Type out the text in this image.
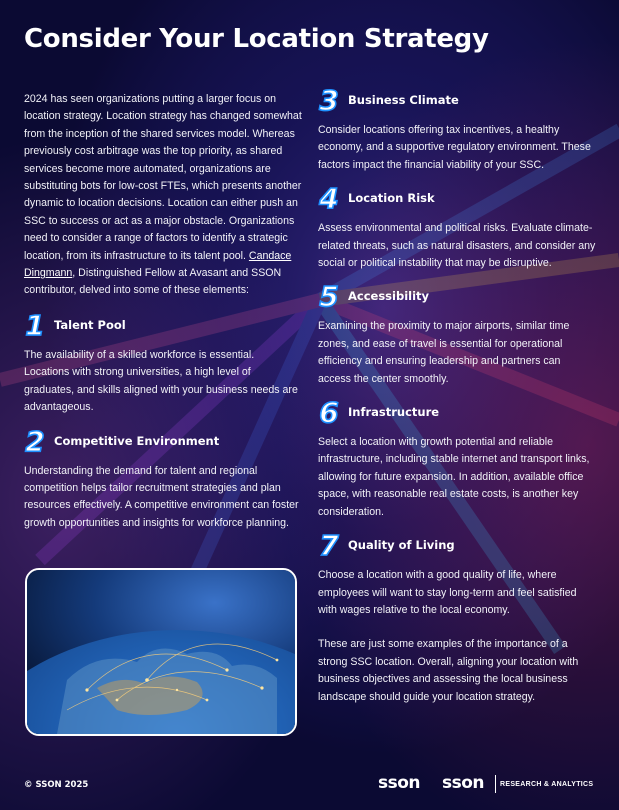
Consider Your Location Strategy

2024 has seen organizations putting a larger focus on location strategy. Location strategy has changed somewhat from the inception of the shared services model. Whereas previously cost arbitrage was the top priority, as shared services become more automated, organizations are substituting bots for low-cost FTEs, which presents another dynamic to location decisions. Location can either push an SSC to success or act as a major obstacle. Organizations need to consider a range of factors to identify a strategic location, from its infrastructure to its talent pool. Candace Dingmann, Distinguished Fellow at Avasant and SSON contributor, delved into some of these elements:

1 Talent Pool

The availability of a skilled workforce is essential. Locations with strong universities, a high level of graduates, and skills aligned with your business needs are advantageous.

2 Competitive Environment

Understanding the demand for talent and regional competition helps tailor recruitment strategies and plan resources effectively. A competitive environment can foster growth opportunities and insights for workforce planning.

3 Business Climate

Consider locations offering tax incentives, a healthy economy, and a supportive regulatory environment. These factors impact the financial viability of your SSC.

4 Location Risk

Assess environmental and political risks. Evaluate climate-related threats, such as natural disasters, and consider any social or political instability that may be disruptive.

5 Accessibility

Examining the proximity to major airports, similar time zones, and ease of travel is essential for operational efficiency and ensuring leadership and partners can access the center smoothly.

6 Infrastructure

Select a location with growth potential and reliable infrastructure, including stable internet and transport links, allowing for future expansion. In addition, available office space, with reasonable real estate costs, is another key consideration.

7 Quality of Living

Choose a location with a good quality of life, where employees will want to stay long-term and feel satisfied with wages relative to the local economy.

These are just some examples of the importance of a strong SSC location. Overall, aligning your location with business objectives and assessing the local business landscape should guide your location strategy.

© SSON 2025	sson sson RESEARCH & ANALYTICS
